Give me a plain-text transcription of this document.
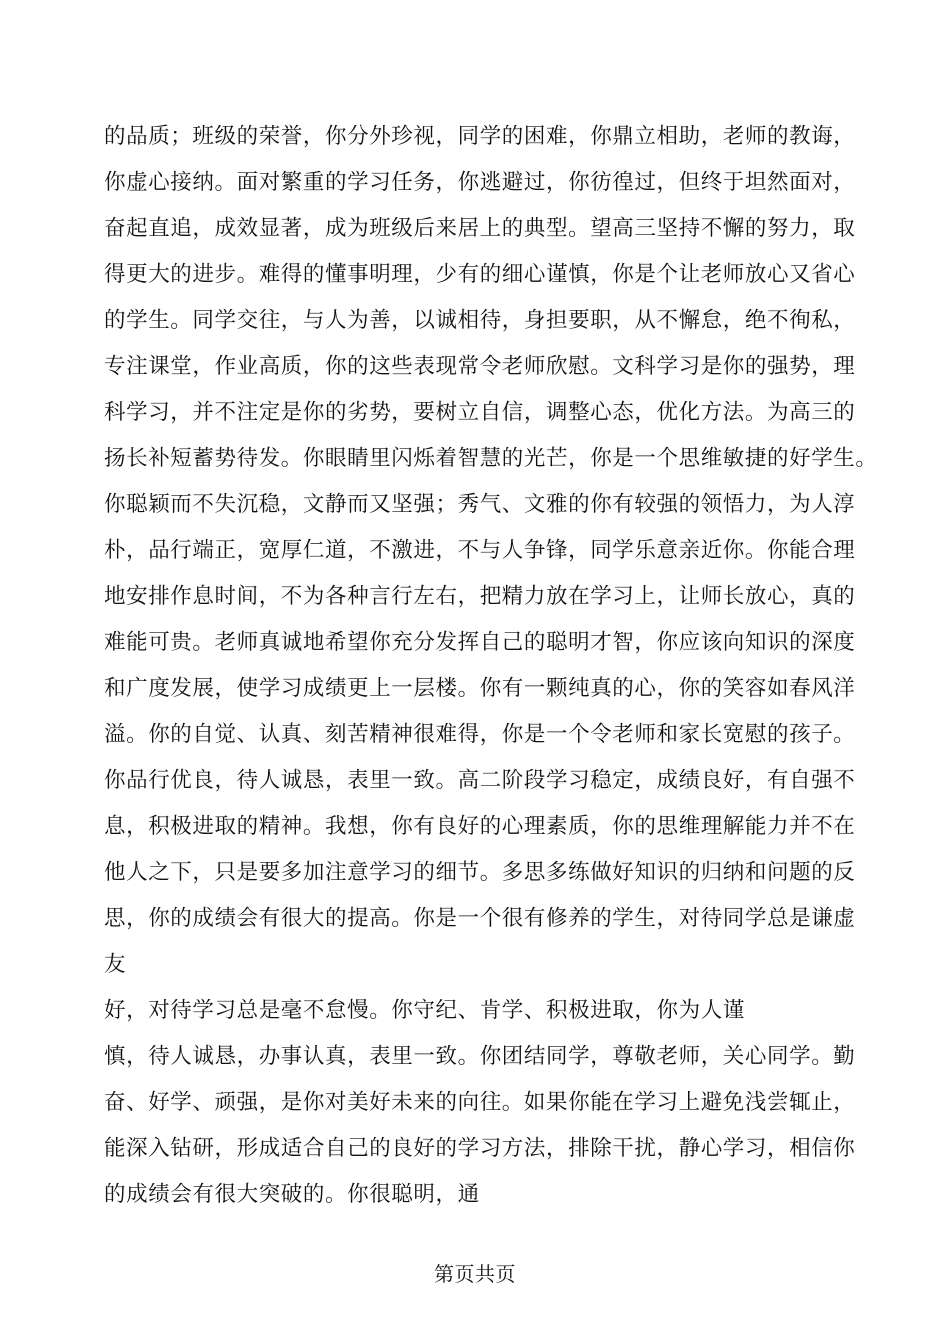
的品质；班级的荣誉，你分外珍视，同学的困难，你鼎立相助，老师的教诲，
你虚心接纳。面对繁重的学习任务，你逃避过，你彷徨过，但终于坦然面对，
奋起直追，成效显著，成为班级后来居上的典型。望高三坚持不懈的努力，取
得更大的进步。难得的懂事明理，少有的细心谨慎，你是个让老师放心又省心
的学生。同学交往，与人为善，以诚相待，身担要职，从不懈怠，绝不徇私，
专注课堂，作业高质，你的这些表现常令老师欣慰。文科学习是你的强势，理
科学习，并不注定是你的劣势，要树立自信，调整心态，优化方法。为高三的
扬长补短蓄势待发。你眼睛里闪烁着智慧的光芒，你是一个思维敏捷的好学生。
你聪颖而不失沉稳，文静而又坚强；秀气、文雅的你有较强的领悟力，为人淳
朴，品行端正，宽厚仁道，不激进，不与人争锋，同学乐意亲近你。你能合理
地安排作息时间，不为各种言行左右，把精力放在学习上，让师长放心，真的
难能可贵。老师真诚地希望你充分发挥自己的聪明才智，你应该向知识的深度
和广度发展，使学习成绩更上一层楼。你有一颗纯真的心，你的笑容如春风洋
溢。你的自觉、认真、刻苦精神很难得，你是一个令老师和家长宽慰的孩子。
你品行优良，待人诚恳，表里一致。高二阶段学习稳定，成绩良好，有自强不
息，积极进取的精神。我想，你有良好的心理素质，你的思维理解能力并不在
他人之下，只是要多加注意学习的细节。多思多练做好知识的归纳和问题的反
思，你的成绩会有很大的提高。你是一个很有修养的学生，对待同学总是谦虚
友
好，对待学习总是毫不怠慢。你守纪、肯学、积极进取，你为人谨
慎，待人诚恳，办事认真，表里一致。你团结同学，尊敬老师，关心同学。勤
奋、好学、顽强，是你对美好未来的向往。如果你能在学习上避免浅尝辄止，
能深入钻研，形成适合自己的良好的学习方法，排除干扰，静心学习，相信你
的成绩会有很大突破的。你很聪明，通
第页共页
